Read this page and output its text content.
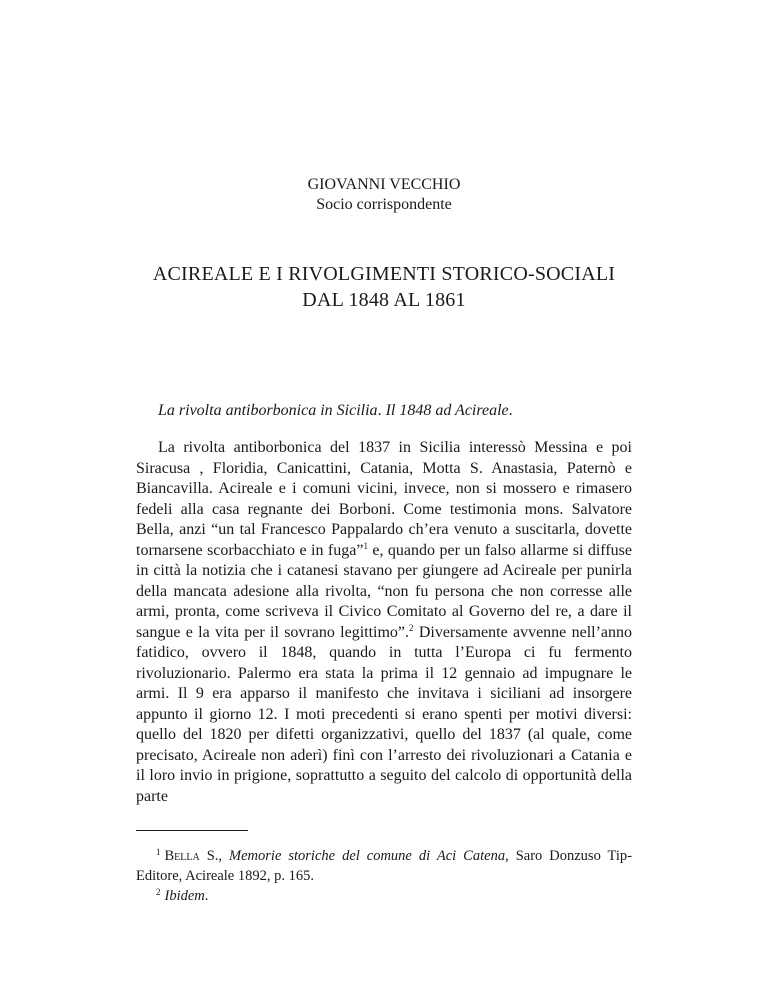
GIOVANNI VECCHIO
Socio corrispondente
ACIREALE E I RIVOLGIMENTI STORICO-SOCIALI
DAL 1848 AL 1861
La rivolta antiborbonica in Sicilia. Il 1848 ad Acireale.

La rivolta antiborbonica del 1837 in Sicilia interessò Messina e poi Siracusa , Floridia, Canicattini, Catania, Motta S. Anastasia, Paternò e Biancavilla. Acireale e i comuni vicini, invece, non si mossero e rimasero fedeli alla casa regnante dei Borboni. Come testimonia mons. Salvatore Bella, anzi “un tal Francesco Pappalardo ch’era venuto a suscitarla, dovette tornarsene scorbacchiato e in fuga”$^1$ e, quando per un falso allarme si diffuse in città la notizia che i catanesi stavano per giungere ad Acireale per punirla della mancata adesione alla rivolta, “non fu persona che non corresse alle armi, pronta, come scriveva il Civico Comitato al Governo del re, a dare il sangue e la vita per il sovrano legittimo”.$^2$ Diversamente avvenne nell’anno fatidico, ovvero il 1848, quando in tutta l’Europa ci fu fermento rivoluzionario. Palermo era stata la prima il 12 gennaio ad impugnare le armi. Il 9 era apparso il manifesto che invitava i siciliani ad insorgere appunto il giorno 12. I moti precedenti si erano spenti per motivi diversi: quello del 1820 per difetti organizzativi, quello del 1837 (al quale, come precisato, Acireale non aderì) finì con l’arresto dei rivoluzionari a Catania e il loro invio in prigione, soprattutto a seguito del calcolo di opportunità della parte

$^1$ Bella S., Memorie storiche del comune di Aci Catena, Saro Donzuso Tip-Editore, Acireale 1892, p. 165.

$^2$ Ibidem.
